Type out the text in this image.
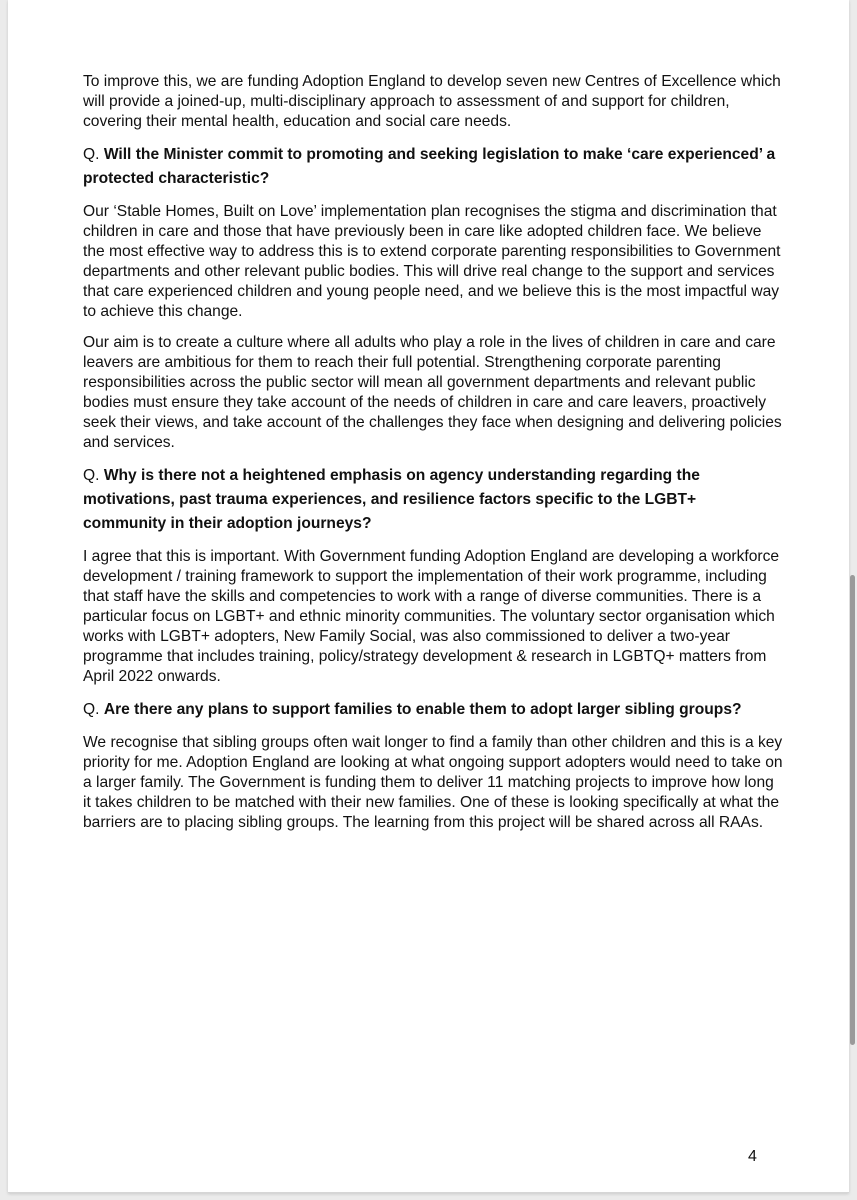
To improve this, we are funding Adoption England to develop seven new Centres of Excellence which will provide a joined-up, multi-disciplinary approach to assessment of and support for children, covering their mental health, education and social care needs.

Q. Will the Minister commit to promoting and seeking legislation to make ‘care experienced’ a protected characteristic?

Our ‘Stable Homes, Built on Love’ implementation plan recognises the stigma and discrimination that children in care and those that have previously been in care like adopted children face. We believe the most effective way to address this is to extend corporate parenting responsibilities to Government departments and other relevant public bodies. This will drive real change to the support and services that care experienced children and young people need, and we believe this is the most impactful way to achieve this change.

Our aim is to create a culture where all adults who play a role in the lives of children in care and care leavers are ambitious for them to reach their full potential. Strengthening corporate parenting responsibilities across the public sector will mean all government departments and relevant public bodies must ensure they take account of the needs of children in care and care leavers, proactively seek their views, and take account of the challenges they face when designing and delivering policies and services.

Q. Why is there not a heightened emphasis on agency understanding regarding the motivations, past trauma experiences, and resilience factors specific to the LGBT+ community in their adoption journeys?

I agree that this is important. With Government funding Adoption England are developing a workforce development / training framework to support the implementation of their work programme, including that staff have the skills and competencies to work with a range of diverse communities. There is a particular focus on LGBT+ and ethnic minority communities. The voluntary sector organisation which works with LGBT+ adopters, New Family Social, was also commissioned to deliver a two-year programme that includes training, policy/strategy development & research in LGBTQ+ matters from April 2022 onwards.

Q. Are there any plans to support families to enable them to adopt larger sibling groups?

We recognise that sibling groups often wait longer to find a family than other children and this is a key priority for me. Adoption England are looking at what ongoing support adopters would need to take on a larger family. The Government is funding them to deliver 11 matching projects to improve how long it takes children to be matched with their new families. One of these is looking specifically at what the barriers are to placing sibling groups. The learning from this project will be shared across all RAAs.

4
